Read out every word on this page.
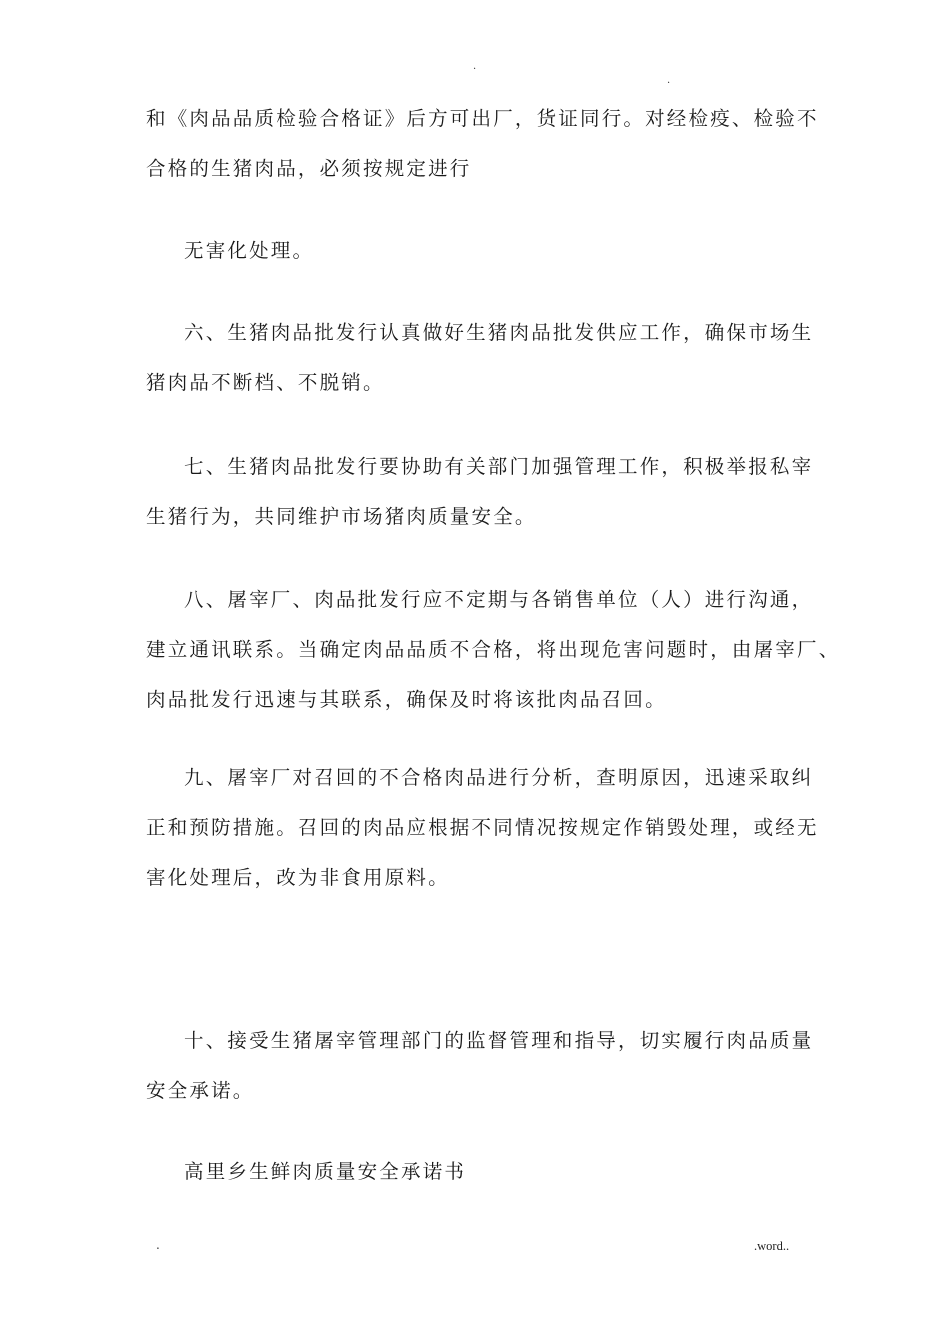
.
.
和《肉品品质检验合格证》后方可出厂，货证同行。对经检疫、检验不
合格的生猪肉品，必须按规定进行
无害化处理。
六、生猪肉品批发行认真做好生猪肉品批发供应工作，确保市场生
猪肉品不断档、不脱销。
七、生猪肉品批发行要协助有关部门加强管理工作，积极举报私宰
生猪行为，共同维护市场猪肉质量安全。
八、屠宰厂、肉品批发行应不定期与各销售单位（人）进行沟通，
建立通讯联系。当确定肉品品质不合格，将出现危害问题时，由屠宰厂、
肉品批发行迅速与其联系，确保及时将该批肉品召回。
九、屠宰厂对召回的不合格肉品进行分析，查明原因，迅速采取纠
正和预防措施。召回的肉品应根据不同情况按规定作销毁处理，或经无
害化处理后，改为非食用原料。
十、接受生猪屠宰管理部门的监督管理和指导，切实履行肉品质量
安全承诺。
高里乡生鲜肉质量安全承诺书
.	.word..
